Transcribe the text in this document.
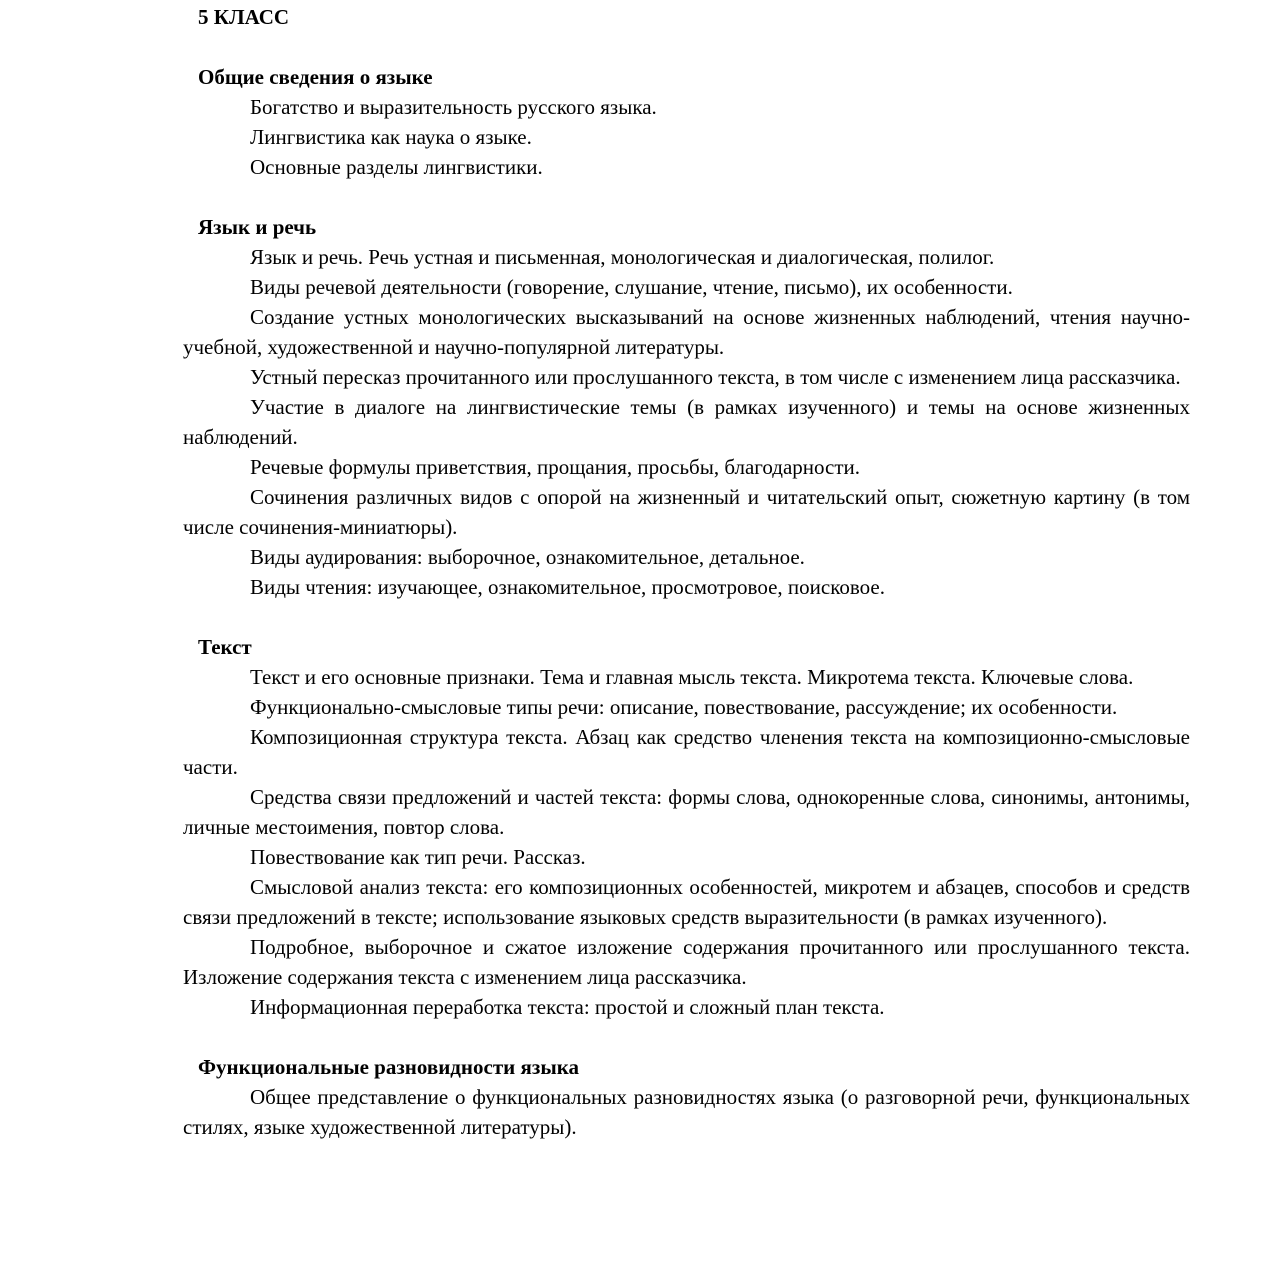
5 КЛАСС
Общие сведения о языке

Богатство и выразительность русского языка.

Лингвистика как наука о языке.

Основные разделы лингвистики.

Язык и речь

Язык и речь. Речь устная и письменная, монологическая и диалогическая, полилог.

Виды речевой деятельности (говорение, слушание, чтение, письмо), их особенности.

Создание устных монологических высказываний на основе жизненных наблюдений, чтения научно-учебной, художественной и научно-популярной литературы.

Устный пересказ прочитанного или прослушанного текста, в том числе с изменением лица рассказчика.

Участие в диалоге на лингвистические темы (в рамках изученного) и темы на основе жизненных наблюдений.

Речевые формулы приветствия, прощания, просьбы, благодарности.

Сочинения различных видов с опорой на жизненный и читательский опыт, сюжетную картину (в том числе сочинения-миниатюры).

Виды аудирования: выборочное, ознакомительное, детальное.

Виды чтения: изучающее, ознакомительное, просмотровое, поисковое.

Текст

Текст и его основные признаки. Тема и главная мысль текста. Микротема текста. Ключевые слова.

Функционально-смысловые типы речи: описание, повествование, рассуждение; их особенности.

Композиционная структура текста. Абзац как средство членения текста на композиционно-смысловые части.

Средства связи предложений и частей текста: формы слова, однокоренные слова, синонимы, антонимы, личные местоимения, повтор слова.

Повествование как тип речи. Рассказ.

Смысловой анализ текста: его композиционных особенностей, микротем и абзацев, способов и средств связи предложений в тексте; использование языковых средств выразительности (в рамках изученного).

Подробное, выборочное и сжатое изложение содержания прочитанного или прослушанного текста. Изложение содержания текста с изменением лица рассказчика.

Информационная переработка текста: простой и сложный план текста.

Функциональные разновидности языка

Общее представление о функциональных разновидностях языка (о разговорной речи, функциональных стилях, языке художественной литературы).
